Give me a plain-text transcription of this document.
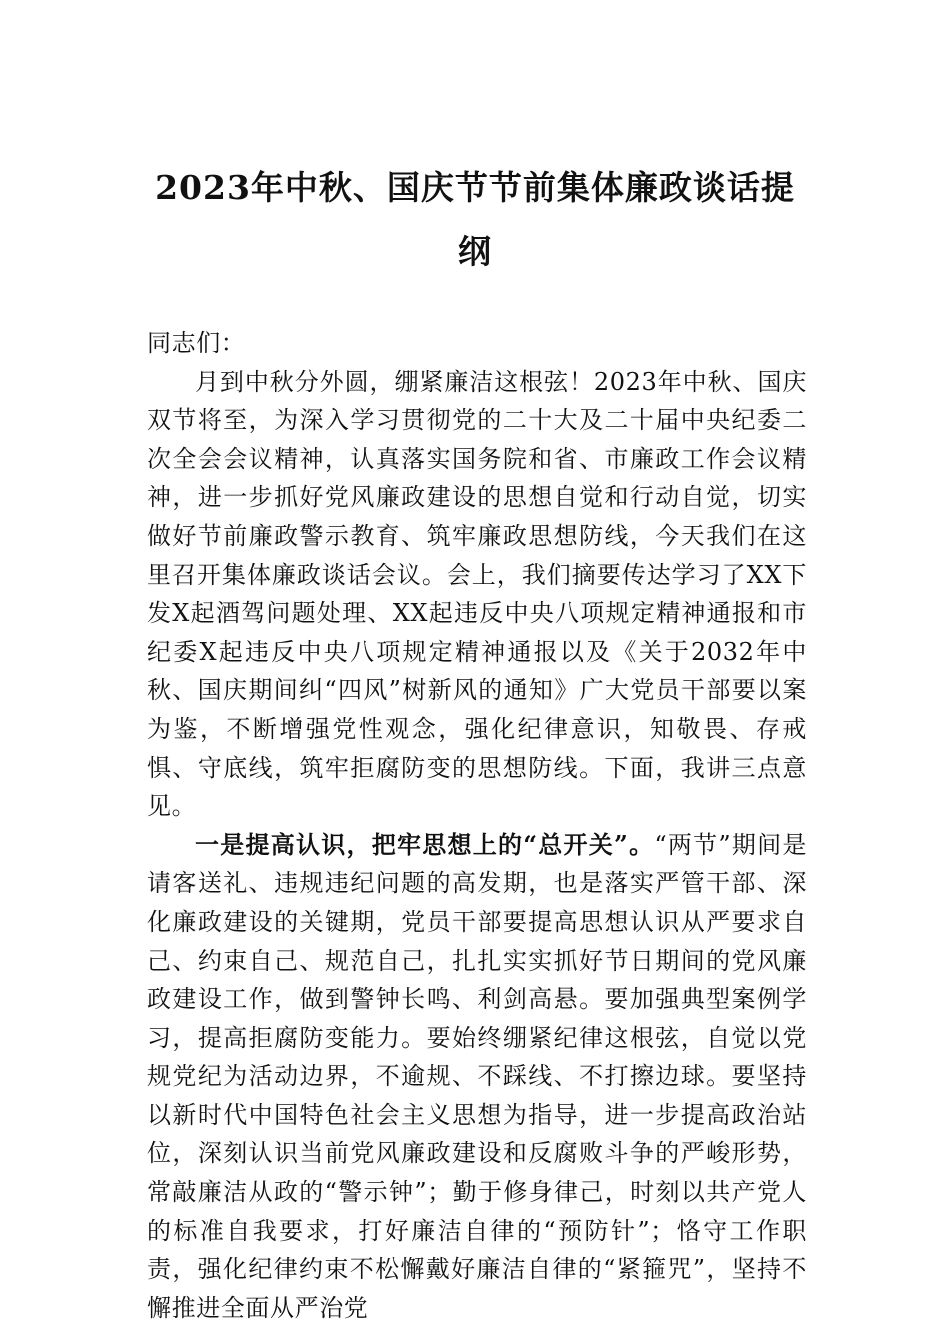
2023年中秋、国庆节节前集体廉政谈话提纲

同志们：

月到中秋分外圆，绷紧廉洁这根弦！2023年中秋、国庆双节将至，为深入学习贯彻党的二十大及二十届中央纪委二次全会会议精神，认真落实国务院和省、市廉政工作会议精神，进一步抓好党风廉政建设的思想自觉和行动自觉，切实做好节前廉政警示教育、筑牢廉政思想防线，今天我们在这里召开集体廉政谈话会议。会上，我们摘要传达学习了XX下发X起酒驾问题处理、XX起违反中央八项规定精神通报和市纪委X起违反中央八项规定精神通报以及《关于2032年中秋、国庆期间纠“四风”树新风的通知》广大党员干部要以案为鉴，不断增强党性观念，强化纪律意识，知敬畏、存戒惧、守底线，筑牢拒腐防变的思想防线。下面，我讲三点意见。

一是提高认识，把牢思想上的“总开关”。“两节”期间是请客送礼、违规违纪问题的高发期，也是落实严管干部、深化廉政建设的关键期，党员干部要提高思想认识从严要求自己、约束自己、规范自己，扎扎实实抓好节日期间的党风廉政建设工作，做到警钟长鸣、利剑高悬。要加强典型案例学习，提高拒腐防变能力。要始终绷紧纪律这根弦，自觉以党规党纪为活动边界，不逾规、不踩线、不打擦边球。要坚持以新时代中国特色社会主义思想为指导，进一步提高政治站位，深刻认识当前党风廉政建设和反腐败斗争的严峻形势，常敲廉洁从政的“警示钟”；勤于修身律己，时刻以共产党人的标准自我要求，打好廉洁自律的“预防针”；恪守工作职责，强化纪律约束不松懈戴好廉洁自律的“紧箍咒”，坚持不懈推进全面从严治党
